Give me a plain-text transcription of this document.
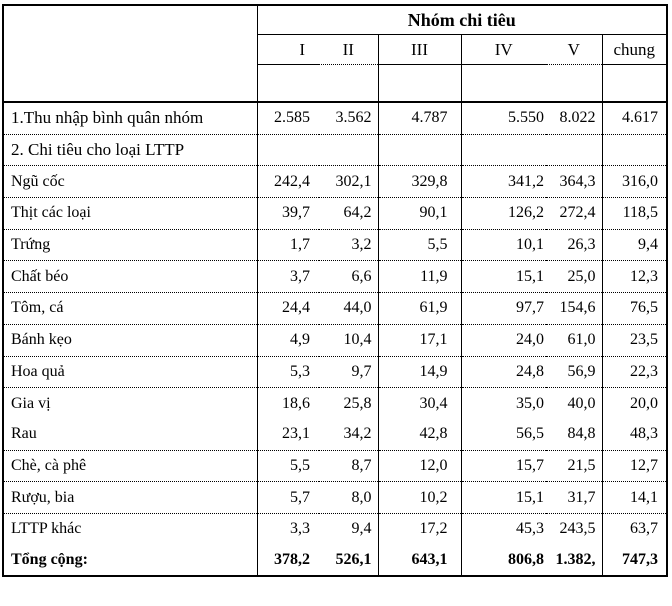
	Nhóm chi tiêu					
	I	II	III	IV	V	chung

1.Thu nhập bình quân nhóm	2.585	3.562	4.787	5.550	8.022	4.617
2. Chi tiêu cho loại LTTP						
Ngũ cốc	242,4	302,1	329,8	341,2	364,3	316,0
Thịt các loại	39,7	64,2	90,1	126,2	272,4	118,5
Trứng	1,7	3,2	5,5	10,1	26,3	9,4
Chất béo	3,7	6,6	11,9	15,1	25,0	12,3
Tôm, cá	24,4	44,0	61,9	97,7	154,6	76,5
Bánh kẹo	4,9	10,4	17,1	24,0	61,0	23,5
Hoa quả	5,3	9,7	14,9	24,8	56,9	22,3
Gia vị	18,6	25,8	30,4	35,0	40,0	20,0
Rau	23,1	34,2	42,8	56,5	84,8	48,3
Chè, cà phê	5,5	8,7	12,0	15,7	21,5	12,7
Rượu, bia	5,7	8,0	10,2	15,1	31,7	14,1
LTTP khác	3,3	9,4	17,2	45,3	243,5	63,7
Tổng cộng:	378,2	526,1	643,1	806,8	1.382,	747,3
